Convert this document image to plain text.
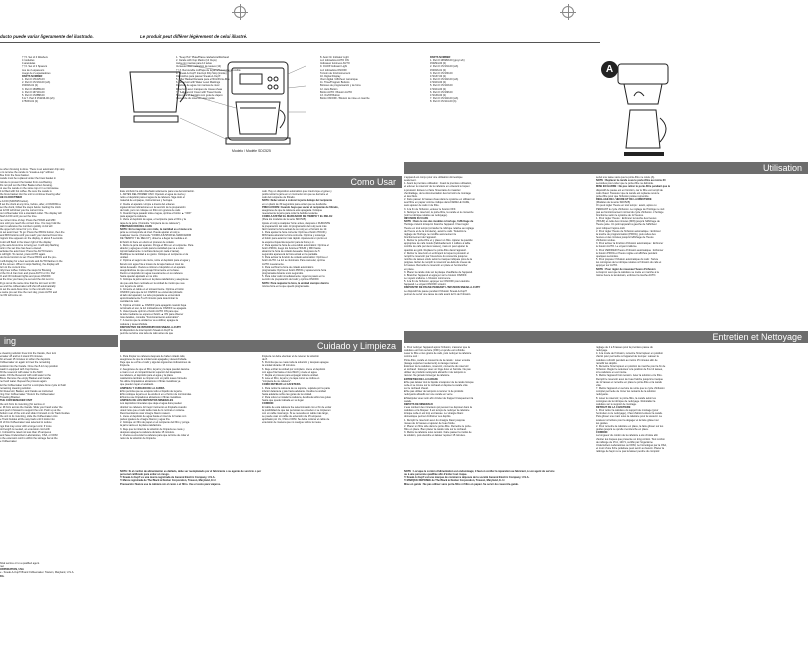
ducto puede variar ligeramente del ilustrado.	Le produit peut différer légèrement de celui illustré.
†† 5. Set of 4 Washers
4 rondelles
4 arandelas
†† 6. Set of 2 Spacers
Jeu de 2 espaceurs
Juego de 2 espaciadores
PARTS NUMBER
1. Part # 171025-03
2. Part # 172134-00 (wh)
150316-01 (b)
3. Part # 150889-00
4. Part # 167191-00
5. Part # 172888-00
6 & 7. Part # 151196-00 (wh)
175153-01 (b)
Modelo / Modèle SDC525
1. "Keep Hot" Plate/Placa calefactora/Réchaud
2. Carafe with Cup Marks (12 Cups)
Jarra con marcas para 12 tazas
Verseuse avec indication de tasses (12)
†† 3. Removable Lid/Tapa de la jarra/Couvercle amovible
4. Sneak-A-Cup® Interrupt Drip Stop (inside)
Dispositivo para pausar Sneak-A-Cup®
5. Filter Basket/Canasta para el filtro/Porte-filtre
6. Reservoir with Water Level Markings
Depósito de agua con marcas de nivel
Réservoir avec marques de niveau d'eau
†† 7. Reservoir Cover with Travel Guide
Tapa para el depósito con guía de viajero
Couvercle du réservoir avec guide
8. Auto On Indicator Light
Luz indicadora AUTO ON
Indicateur lumineux AUTO
9. On/Off Indicator Light
Luz indicadora ON/OFF
Témoin de fonctionnement
10. Digital Display
Visor digital / Afficheur numérique
11. Time/Program Buttons
Botones de programación y de hora
12. Auto Button
Botón AUTO / Bouton AUTO
13. On/Off Button
Botón ON/OFF / Bouton de mise en marche
PARTS NUMBER
1. Part # 166983-00 (grey/ wh)
150294-00 (b)
2. Part # 172134-00 (wh)
150316-01 (b)
3. Part # 172136-00
172137-00 (b)
4. Part # 172102-00 (wh)
172103-00 (b)
5. Part # 172103-00
172104-00 (b)
6. Part # 172138-00
172139-00 (b)
7. Part # 172140-00 (wh)
8. Part # 172141-00 (b)
A
ce when brewing is done. There is an automatic drip stop
u to remove the carafe to "sneak-a-cup" without
ffee from the brew basket.
carafe must be replaced under the brew basket in
minute to prevent the basket from overflowing.
Do not pull out the Filter Basket when brewing.
ot use the carafe on the stove top or in a microwave.
it is filled with hot coffee. Be sure the carafe is
the brew basket into the unit to continue brewing after
HE CLOCK/TIMER
e 12:00 (SDC525 below).
ll set the clock at any time, before, after, or DURING a
set the clock, follow the steps below. Getting the clock
at 12:00 will show you the current time.
our coffeemaker into a standard outlet. The display will
flash 12:00 until you set the time.
ne current time of day: Press the HOUR and MIN
ons until you reach the correct time. You may hold the
own to advance the numbers quickly. A dot will
the upper left corner for p.m. time.
to set auto brew: To go: Press the PROG button, then the
and MIN buttons until you reach your desired brew time.
rogram time appears on the display, in about 5 seconds
A dot will flash in the lower right of the display
g the auto-brew time is being set. It will stop flashing
ock in the set time has been entered.
activate the auto brew: Press the AUTO button.
s will light. To cancel, press AUTO again.
uto brew function is set: Press PROG and the pre-
t will display for a few seconds and AUTO flashes in the
of the screen. When it stops flashing, the display will
turn to the current time.
ntly brew coffee: Follow the steps for Brewing
d the On & Can Icon and press AUTO or On. Ref
O and ON indicator lights and press ON/OFF.
at the time you have pre-set and the dot next to
ill go out at the same time that the dot next to ON
ee and the coffeemaker will shut off automatically
to set the auto-brew time: to the unit will come
e same pre-set time the next day, press AUTO and
ns ON will come on.
ing
e cleaning solution brew into the Carafe, then turn
emaker off and let it stand 15 minutes.
for at least 15 minutes to soften the deposits.
Coffeemaker on again to brew the remaining
solution into the Carafe. Once the 8-12 cup position
wash it equipped with Cup Deluxe.
fill the reservoir with water to the MAX
arafe. Fill the Reservoir with cold water to the
Brew. Remove the empty Basket and Carafe.
ne fresh water. Repeat the process again.
let the Coffeemaker cool for a complete brew cycle to flush
remaining cleaning solution.
for Reservoir, Basket, and Carafe as instructed
ring Your Coffeemaker." Return the Coffeemaker
Traveling Bracket.
THE COFFEEMAKER UNIT
the unit from its mounting (for service or
e: lift from across the Carafe. Slide your hand under the
and push it forward to support the unit. Push up at the
bottom rear of the unit and slide it forward on its Track Guides.
the unit to its mounting, slide the Coffeemaker onto
e Track Guides all the way back until it locks into
th of this Coffeemaker was selected to reduce
ngs that may occur with a longer cord. If more
ord length is needed, an extension cord with
t. It should be rated not less than 15 amperes
and have Underwriters Laboratories, CSA, or NOM
o the extension cord is within the storage bar at the
e Coffeemaker.
Como Usar
Este símbolo ha sido diseñado solamente para una demostración.
1. ANTES DEL PRIMER USO: Opérelo el agua de vierta y
retire el depósito para el agua de la cafetera. Siga todo el
material de empaque, instrucciones y herrajes.
2. Cuelte el aparato. Limpie a través del enlaces
siguiendo las indicaciones en la sección de la preparación
del café, pero no coloque un filtro con granos de café.
3. Cuando haya pasado toda el agua, oprima el botón ▲ "OFF"
para apagar la cafetera.
4. Vacíe el depósito de agua, el recipiente para el filtro y la
tapa de la jarra. (Consulte "Limpieza de su cafetera").
PREPARACIÓN DEL CAFÉ
NOTA: En la mayorías con mide, la cantidad es el viene a la
jarra se corresponde al nivel. Puede ajustar el reloj a
cualquier mente. (Consulte "COMO AJUSTAR EL MARCADOR
DE TIEMPO Y EL RELOJ"), observe a llegar la medida a él.
El botón lo hace en efecto el proceso de colado.
1. Retire la jarra del aparato. Ponga el filtro en el recipiente. Para
abierto y agregue el café para la cantidad que va a colar.
Aproximadamente 1 cuchara llena por cada 2 tazas).
Modifique la cantidad a su gusto. Coloque el recipiente en la
unidad.
2. Oprima el seguro de cierre, retire el depósito para el agua y
llénelo con agua fría a través de la tapa hasta el nivel de
tazas deseado. Vuelva a colocar el depósito en el aparato
asegurándose de que encaje firmemente en la base.
Dentro el depósito sin agua nuevamente en su cafetera
hasta quedar ajustado en su sitio.
3. Coloque la jarra vacía en la placa calefactora y asegúrese
de que está bien centrada en la unidad de modo que vea
con la jarra de vidrio.
4. Conecte el cable en el tomacorriente. Oprima el botón
ON/OFF para que la luz ON/OFF se encienda (ubicado
al lado del aparato). La taza preparada se encenderá
aproximadamente 5 a 8 minutos para determinar la
cantidad de café.
5. Oprima el botón ▲ ON/OFF para apagarlo cuando haya
terminado el uso, la luz indicadora de ON/OFF se apagará.
6. Usted puede oprimir el botón AUTO ON para que
la taza mediante se espera el botón ▲ ON para obtener
más detalles, consulte "Funcionamiento automático".
7. A menos que la unidad se va a utilizar, apague la
cafetera y desenchúfela.
DISPOSITIVO DE INTERRUPCIÓN SNEAK-A-CUP®
El dispositivo de interrupción Sneak-A-Cup® le
permite servirse una taza de café antes de que
café. Hay un dispositivo automático que interrumpe el goteo y
podrá retirar la jarra en un momento sin que se derrame el
café del recipiente de filtrado.
NOTA: Debe volver a colocar la jarra debajo del recipiente
en un plazo de 30 segundos para evitar que se desborde.
PRECAUCIÓN: Cuando haya que sacar el recipiente de filtrado,
asegúrese de que la cafetera esté apagada. Coloque
nuevamente la jarra para colar la bebida restante.
COMO AJUSTAR EL MARCADOR DE TIEMPO Y EL RELOJ
(Para los modelos de la serie SDC525)
Ajuste el reloj a cualquier hora: antes, después o DURANTE
la preparación del café. Al programarlo del reloj será más
fácil mostrar la hora actual de su reloj en el horario de 12.
1. Para ajustar la hora correcta: Oprima el botón HOUR y
MIN hasta alcanzar la hora correcta. Oprima y sostenga
el botón para avanzar más rápido. Aparecerá un punto en
la esquina izquierda superior para la hora p.m.
2. Para ajustar la hora de encendido automático: Oprima el
botón PROG, luego los botones HOUR y MIN hasta
alcanzar la hora de colado deseada. Después de 5
segundos aparecerá la hora actual en la pantalla.
3. Para activar la función de colado automático: Oprima el
botón AUTO. La luz se iluminará. Para cancelar, oprima
AUTO nuevamente.
4. Para verificar la hora de colado automático
programada: Oprima el botón PROG y aparecerá la hora
programada durante unos segundos.
5. Para colar café inmediatamente: siga los pasos en la
sección de preparación del café y oprima ON/OFF.
NOTA: Para reajustar la hora, la unidad siempre dará la
misma hora en la que quedó programada.
Cuidado y Limpieza
1. Para limpiar su cafetera después de haber colado café,
asegúrese de que la unidad esté apagada y desenchufada.
Deje que se enfríe el café y siga las siguientes indicaciones de
limpieza.
2. Asegúrese de que el filtro, la jarra y la tapa puedan lavarse
a mano o en el compartimiento superior del lavaplatos.
La cafetera, el depósito para el agua y la placa
calefactora también se limpian con un paño suave húmedo.
No utilice limpiadores abrasivos ni fibras metálicas ya
que pueden rayar el acabado.
LIMPIEZA Y CUIDADO DE LA JARRA
■ No permita que se evapore todo el líquido de la jarra.
■ No coloque la jarra en la estufa ni en el horno de microondas.
■ Nunca use limpiadores abrasivos ni fibras metálicas.
LIMPIEZA DE LOS DEPÓSITOS MINERALES
Los depósitos minerales que deja el agua dura pueden
obstruir su cafetera. El mejor momento es limpiarla cuando
usted note que el café tarda más de lo normal en colarse.
Recomendamos usar vinagre blanco casero.
1. Llene el depósito de agua hasta el nivel de 12 tazas con
partes iguales de vinagre blanco y agua fría.
2. Coloque un filtro de papel en el recipiente del filtro y ponga
la jarra vacía en la placa calefactora.
3. Deje que la mitad de la solución de limpieza se cuele y
después apague la cafetera durante 15 minutos.
4. Vuelva a encender la cafetera para que termine de colar el
resto de la solución de limpieza.
limpieza no debe efectuar el de retener la solución
de 8.
5. Permita que se cuele toda la solución y después apague
la unidad durante 15 minutos.
6. Deje enfriar la unidad por completo. Llene el depósito
con agua fría hasta el nivel MAX y cuele el agua.
7. Repita el proceso para enjuagar toda la unidad.
8. Lave el filtro, la jarra y la tapa como se indica en
"Limpieza de su cafetera".
CÓMO RETIRAR LA CAFETERA
1. Para retirar la cafetera de su soporte, sujétela por la parte
inferior delantera y jale hacia adelante. Deslice la unidad
hacia adelante sobre las guías de la unidad.
2. Para volver a instalar la cafetera, deslícela sobre las guías
hasta que quede trabada en su lugar.
CORDÓN
El cable de esta cafetera fue seleccionado con el fin de evitar
la posibilidad de que las personas se enreden o se tropiecen
con un cable más largo. Si se necesita un cable más largo,
se puede usar un cable de extensión de 15 amperes
aprobado por UL, CSA o NOM. Se debe colocar el cable de
extensión de manera que no cuelgue sobre la mesa.
Utilisation
L'appareil est conçu pour une utilisation domestique
seulement.
1. Avant la première utilisation : Avant la première utilisation,
et enlever le réservoir de la cafetière en enlevant le loquet
à poussoir. Enlever et faire l'inventaire du matériel
d'emballage, de la documentation des fermoirs de montage
et des filets.
2. Faire passer 12 tasses d'eau dans le système en utilisant un
seul filtre en papier comme indiqué dans FAIRE LE CAFÉ,
sans ajouter de café ni de filtre.
3. À la fin de l'infusion, enlever le bouton OFF.
4. Nettoyer le réservoir, le porte-filtre, la carafe et le couvercle
(voir la rubrique relative au nettoyage).
INFUSION DU CAFÉ
NOTE : Dans le cas des modèles à horloge, l'affichage de
l'horloge s'éteint lorsqu'on branche l'appareil. Il faut régler
l'heure en tout temps (consulter la rubrique relative au réglage
de l'heure et de la minuterie), avant le café. Toutefois le
réglage de l'horloge ne modifie aucunement le
fonctionnement de l'appareil.
1. Retirer le porte-filtre et y placer un filtre. Ajouter la quantité
appropriée de café moulu (habituellement 1 cuillère à table
comble de café par deux tasses), mais on peut ajuster la
quantité au goût. Replacer le porte-filtre dans l'appareil.
2. Retirer le réservoir en enfonçant le loquet à poussoir et
remplir le réservoir par l'ouverture du couvercle jusqu'au
nombre de tasses voulu selon la marque indiquée près de la
poignée. Éviter de remplir le réservoir au-delà du niveau de
12 tasses. Remettre le réservoir en place et l'enclencher
en place.
3. Placer la carafe vide sur la plaque chauffante de l'appareil.
4. Brancher l'appareil et appuyer sur le bouton ON/OFF.
Le voyant s'allume. L'infusion commence.
5. À la fin de l'infusion, appuyer sur ON/OFF pour éteindre
l'appareil. Le voyant ON/OFF s'éteint.
DISPOSITIF DE PAUSE PENDANT L'INFUSION SNEAK-A-CUP®
Le dispositif de pause pendant l'infusion Sneak-A-Cup®
permet de servir une tasse de café avant la fin de l'infusion.
seriel une tasse sans que la porte-filtre ne coule (A).
NOTE : Replacer la carafe sous le porte-filtre au moins 30
secondes pour éviter que le porte-filtre ne déborde.
MISE EN GARDE : Ne pas retirer le porte-filtre pendant que le
dispositif de pause est en fonction, car le filtre est rempli de
café chaud. S'assurer que la carafe est replacée sous le
porte-filtre pour que l'infusion puisse reprendre.
RÉGLAGE DE L'HEURE ET DE LA MINUTERIE
(Modèles de la série SDC525)
On peut régler l'heure en tout temps : avant, après ou
PENDANT le cycle d'infusion. Le réglage de l'horloge ne nuit
pas au fonctionnement normal du cycle d'infusion. L'horloge
fonctionne selon le système de 12 heures.
1. Pour régler l'heure : Enfoncer la touche des heures
(HOUR) et celle des minutes (MIN) jusqu'à l'affichage de
l'heure juste. Un point apparaît à gauche de l'afficheur
pour indiquer l'après-midi.
2. Pour régler l'heure de l'infusion automatique : Enfoncer
la touche de programmation (PROG), puis celles des
heures et des minutes jusqu'à l'affichage de l'heure
d'infusion voulue.
3. Pour activer la fonction d'infusion automatique : Enfoncer
le bouton AUTO. Le voyant s'allume.
4. Pour VÉRIFIER l'heure d'infusion automatique : Enfoncer
le bouton PROG et l'heure réglée est affichée pendant
quelques secondes.
5. Pour préparer l'infusion automatique du café : Suivre
les consignes de la rubrique relative à l'infusion du café et
appuyer sur AUTO.
NOTE : Pour régler de nouveau l'heure d'infusion
Lorsqu'on veut que la cafetière se mette en marche à la
même heure le lendemain, enfoncer la touche AUTO.
Entretien et Nettoyage
1. Pour nettoyer l'appareil après l'infusion, s'assurer que la
cafetière est hors service (OFF) et qu'elle est refroidie.
Laver le filtre et les grains de café, puis nettoyer la cafetière
comme suit :
Porte-filtre, carafe et couvercle de la carafe : Laver ensuite
(lavage supérieur seulement) ou lavage manuel.
Extérieur de la cafetière, réservoir, couvercle du réservoir
et réchaud : Essuyer avec un linge doux et humide. Ne pas
utiliser de produits nettoyants abrasifs ni de tampons à
récurer. Ne jamais immerger la cafetière.
ENTRETIEN DE LA CARAFE
■ Ne pas laisser tout le liquide s'évaporer de la carafe lorsque
celle-ci se trouve sur le réchaud et dépose la carafe vide
sur le réchaud chaud.
■ Ne pas utiliser de tampons à récurer ni de produits
nettoyants abrasifs sur une carafe en verre.
■ Manipuler avec soin afin d'éviter de frapper brusquement la
carafe.
DÉPÔTS DE MINÉRAUX
L'eau contient des minéraux qui peuvent se déposer dans la
cafetière et la bloquer. Il est temps de nettoyer la cafetière
lorsque celle-ci est trop encrassée. Le vinaigre blanc
domestique permet d'éliminer ces dépôts.
1. Remplir le réservoir avec du vinaigre blanc jusqu'au
niveau de 12 tasses et ajouter de l'eau froide.
2. Placer un filtre vide dans le porte-filtre. Remettre le porte-
filtre en place. Bien placer la carafe vide sur le réchaud.
3. Mettre la cafetière sous tension. Faire passer la moitié de
la solution, puis éteindre et laisser reposer 15 minutes.
réglage de 2 à 8 tasses pour la première passe du
nettoyage.
4. À la mode de l'infusion, remettre l'interrupteur en position
d'arrêt pour permettre à l'appareil de tremper. Laisser la
cafetière refroidir pendant au moins 15 minutes afin de
ramollir les dépôts.
5. Remettre l'interrupteur en position de marche pour la fin de
l'infusion. Régler le sélecteur à la position de 8 à 12 tasses,
si la cafetière en est munie.
6. Mettre l'appareil hors tension. Jeter la solution et le filtre.
Remplir le réservoir avec de l'eau fraîche jusqu'à la marque
de 12 tasses et remettre en place le porte-filtre et la carafe
vide.
7. Mettre l'appareil en service de sorte que le cycle d'infusion
complet permette de rincer les restants de la solution
nettoyante.
8. Laver le réservoir, le porte-filtre, la carafe selon les
consignes de la rubrique de nettoyage. Réinstaller la
cafetière sur le support de montage.
RETRAIT DE LA CAFETIÈRE
1. Pour retirer la cafetière du support de montage (pour
l'entretien ou le nettoyage), il faut d'abord enlever la carafe.
Puis glisser une main sous la cafetière pour la soutenir. La
soulever à l'arrière pour la dégager et la faire glisser sur
les guides.
2. Pour remettre la cafetière en place, la faire glisser sur les
guides jusqu'à ce qu'elle s'enclenche en place.
CORDON
La longueur du cordon de la cafetière a été choisie afin
d'éviter les risques que présente un long cordon. Tout cordon
de rallonge de 15 A, 120 V, certifié par l'organisme
Underwriters Laboratories ou NOM, ne homologué par la CSA,
et muni d'une fiche polarisée peut servir au besoin. Placer la
rallonge de façon à ne pas la laisser pendre du comptoir.
ficial service or to a qualified agent.
nal.
ORPORATION, USA
e - Sneak-A-Cup® Brand Coffeemaker. Towson, Maryland, U.S.A.
DA.
NOTA: Si el cordón de alimentación es dañado, debe ser reemplazado por el fabricante o su agente de servicio o por
personal calificado para evitar un riesgo.
® Sneak-A-Cup® es una marca registrada de General Electric Company, U.S.A.
® Marca registrada de The Black & Decker Corporation, Towson, Maryland, E.U.
Precaución: Nunca use la cafetera sin el cesto o el filtro. Use el cesto para viajeros.
NOTE : Lorsque le cordon d'alimentation est endommagé, il faut en confier la réparation au fabricant, à son agent de service
ou à une personne qualifiée afin d'éviter tout risque.
® Sneak-A-Cup® est une marque de commerce déposée de la société General Electric Company, U.S.A.
® MARQUE DÉPOSÉE de The Black & Decker Corporation, Towson, Maryland, É.-U.
Mise en garde : Ne pas utiliser sans porte-filtre ni filtre en papier. Se servir du couvercle-guide.
